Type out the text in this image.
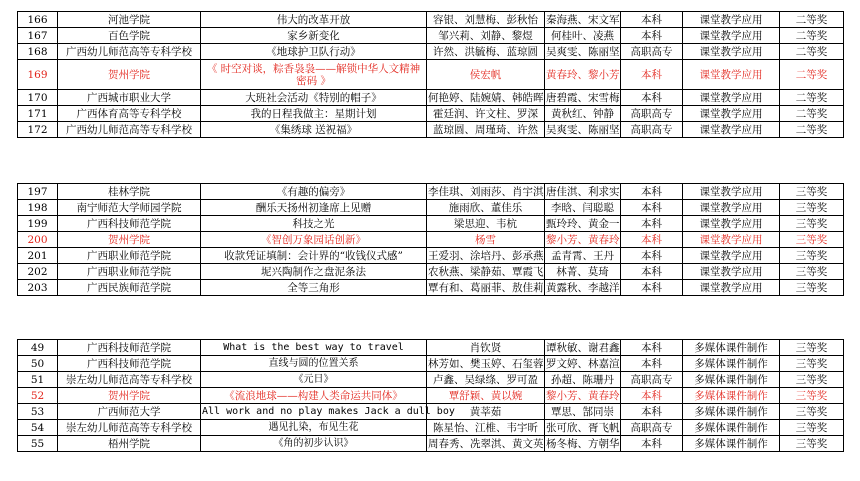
166	河池学院	伟大的改革开放	容银、刘慧梅、彭秋怡	秦海燕、宋文军	本科	课堂教学应用	二等奖
167	百色学院	家乡新变化	邹兴莉、刘静、黎煜	何桂叶、凌燕	本科	课堂教学应用	二等奖
168	广西幼儿师范高等专科学校	《地球护卫队行动》	许然、洪毓梅、蓝琼圆	吴爽雯、陈丽坚	高职高专	课堂教学应用	二等奖
169	贺州学院	《 时空对谈，粽香袅袅——解锁中华人文精神密码 》	侯宏帆	黄春玲、黎小芳	本科	课堂教学应用	二等奖
170	广西城市职业大学	大班社会活动《特别的帽子》	何艳婷、陆婉婧、韩皓晖	唐碧霞、宋雪梅	本科	课堂教学应用	二等奖
171	广西体育高等专科学校	我的日程我做主：星期计划	霍廷润、许文柱、罗深	黄秋红、钟静	高职高专	课堂教学应用	二等奖
172	广西幼儿师范高等专科学校	《集绣球 送祝福》	蓝琼圆、周瑾琦、许然	吴爽雯、陈丽坚	高职高专	课堂教学应用	二等奖
197	桂林学院	《有趣的偏旁》	李佳琪、刘雨莎、肖宇淇	唐佳淇、利求实	本科	课堂教学应用	三等奖
198	南宁师范大学师园学院	酬乐天扬州初逢席上见赠	施雨欣、董佳乐	李晗、闫聪聪	本科	课堂教学应用	三等奖
199	广西科技师范学院	科技之光	梁思迎、韦杭	甄玲玲、黄金一	本科	课堂教学应用	三等奖
200	贺州学院	《智创万象园话创新》	杨雪	黎小芳、黄春玲	本科	课堂教学应用	三等奖
201	广西职业师范学院	收款凭证填制：会计界的“收钱仪式感”	王爱羽、涂培丹、彭承燕	孟青霄、王丹	本科	课堂教学应用	三等奖
202	广西职业师范学院	坭兴陶制作之盘泥条法	农秋燕、梁静茹、覃霞飞	林菁、莫琦	本科	课堂教学应用	三等奖
203	广西民族师范学院	全等三角形	覃有和、葛丽菲、敖佳莉	黄露秋、李越洋	本科	课堂教学应用	三等奖
49	广西科技师范学院	What is the best way to travel	肖钦贤	谭秋敏、谢君鑫	本科	多媒体课件制作	三等奖
50	广西科技师范学院	直线与圆的位置关系	林芳如、樊玉婷、石玺蓉	罗文婷、林嘉渲	本科	多媒体课件制作	三等奖
51	崇左幼儿师范高等专科学校	《元日》	卢鑫、吴绿绦、罗可盈	孙超、陈珊丹	高职高专	多媒体课件制作	三等奖
52	贺州学院	《流浪地球——构建人类命运共同体》	覃舒颖、黄以婉	黎小芳、黄春玲	本科	多媒体课件制作	三等奖
53	广西师范大学	All work and no play makes Jack a dull boy	黄莘茹	覃思、郜同崇	本科	多媒体课件制作	三等奖
54	崇左幼儿师范高等专科学校	遇见扎染，布见生花	陈星怡、江椎、韦宇昕	张可欣、胥飞帆	高职高专	多媒体课件制作	三等奖
55	梧州学院	《角的初步认识》	周春秀、冼翠淇、黄文英	杨冬梅、方朝华	本科	多媒体课件制作	三等奖
